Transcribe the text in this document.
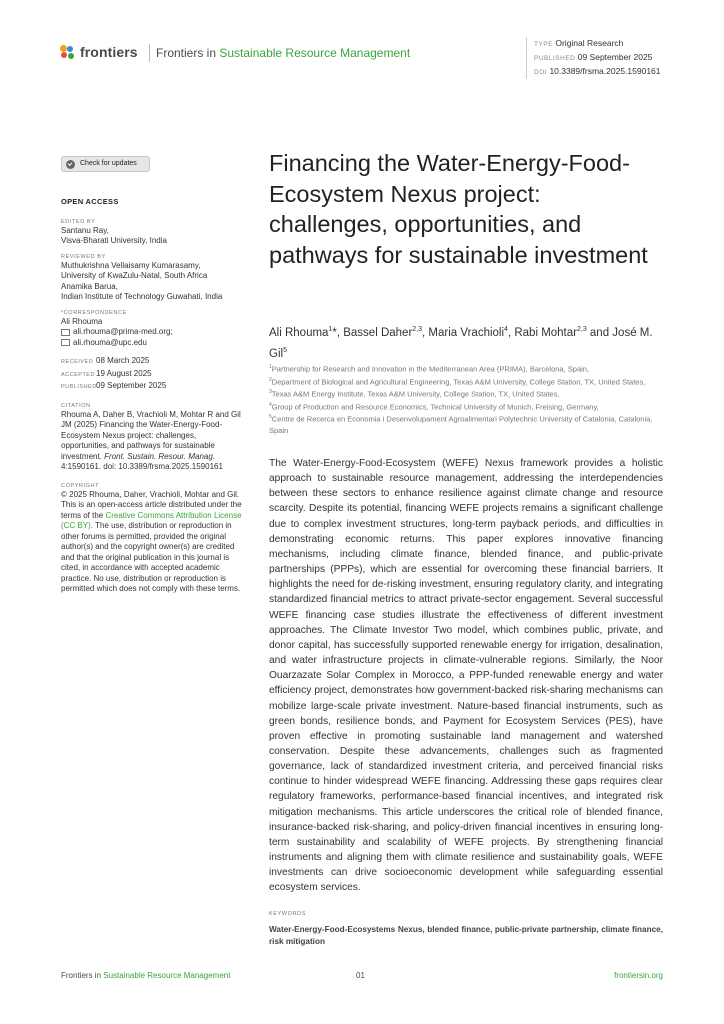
frontiers Frontiers in Sustainable Resource Management
TYPE Original Research
PUBLISHED 09 September 2025
DOI 10.3389/frsma.2025.1590161
Check for updates
OPEN ACCESS
EDITED BY
Santanu Ray,
Visva-Bharati University, India
REVIEWED BY
Muthukrishna Vellaisamy Kumarasamy,
University of KwaZulu-Natal, South Africa
Anamika Barua,
Indian Institute of Technology Guwahati, India
*CORRESPONDENCE
Ali Rhouma
ali.rhouma@prima-med.org;
ali.rhouma@upc.edu
RECEIVED 08 March 2025
ACCEPTED19 August 2025
PUBLISHED09 September 2025
CITATION
Rhouma A, Daher B, Vrachioli M, Mohtar R and Gil JM (2025) Financing the Water-Energy-Food-Ecosystem Nexus project: challenges, opportunities, and pathways for sustainable investment. Front. Sustain. Resour. Manag. 4:1590161. doi: 10.3389/frsma.2025.1590161
COPYRIGHT
© 2025 Rhouma, Daher, Vrachioli, Mohtar and Gil. This is an open-access article distributed under the terms of the Creative Commons Attribution License (CC BY). The use, distribution or reproduction in other forums is permitted, provided the original author(s) and the copyright owner(s) are credited and that the original publication in this journal is cited, in accordance with accepted academic practice. No use, distribution or reproduction is permitted which does not comply with these terms.
Financing the Water-Energy-Food-Ecosystem Nexus project: challenges, opportunities, and pathways for sustainable investment
Ali Rhouma$^1$*, Bassel Daher$^{2,3}$, Maria Vrachioli$^4$, Rabi Mohtar$^{2,3}$ and José M. Gil$^5$
$^1$Partnership for Research and Innovation in the Mediterranean Area (PRIMA), Barcelona, Spain,
$^2$Department of Biological and Agricultural Engineering, Texas A&M University, College Station, TX, United States,
$^3$Texas A&M Energy Institute, Texas A&M University, College Station, TX, United States,
$^4$Group of Production and Resource Economics, Technical University of Munich, Freising, Germany,
$^5$Centre de Recerca en Economia i Desenvolupament Agroalimentari Polytechnic University of Catalonia, Catalonia, Spain
The Water-Energy-Food-Ecosystem (WEFE) Nexus framework provides a holistic approach to sustainable resource management, addressing the interdependencies between these sectors to enhance resilience against climate change and resource scarcity. Despite its potential, financing WEFE projects remains a significant challenge due to complex investment structures, long-term payback periods, and difficulties in demonstrating economic returns. This paper explores innovative financing mechanisms, including climate finance, blended finance, and public-private partnerships (PPPs), which are essential for overcoming these financial barriers. It highlights the need for de-risking investment, ensuring regulatory clarity, and integrating standardized financial metrics to attract private-sector engagement. Several successful WEFE financing case studies illustrate the effectiveness of different investment approaches. The Climate Investor Two model, which combines public, private, and donor capital, has successfully supported renewable energy for irrigation, desalination, and water infrastructure projects in climate-vulnerable regions. Similarly, the Noor Ouarzazate Solar Complex in Morocco, a PPP-funded renewable energy and water efficiency project, demonstrates how government-backed risk-sharing mechanisms can mobilize large-scale private investment. Nature-based financial instruments, such as green bonds, resilience bonds, and Payment for Ecosystem Services (PES), have proven effective in promoting sustainable land management and watershed conservation. Despite these advancements, challenges such as fragmented governance, lack of standardized investment criteria, and perceived financial risks continue to hinder widespread WEFE financing. Addressing these gaps requires clear regulatory frameworks, performance-based financial incentives, and integrated risk mitigation mechanisms. This article underscores the critical role of blended finance, insurance-backed risk-sharing, and policy-driven financial incentives in ensuring long-term sustainability and scalability of WEFE projects. By strengthening financial instruments and aligning them with climate resilience and sustainability goals, WEFE investments can drive socioeconomic development while safeguarding essential ecosystem services.
KEYWORDS
Water-Energy-Food-Ecosystems Nexus, blended finance, public-private partnership, climate finance, risk mitigation
Frontiers in Sustainable Resource Management	01	frontiersin.org
